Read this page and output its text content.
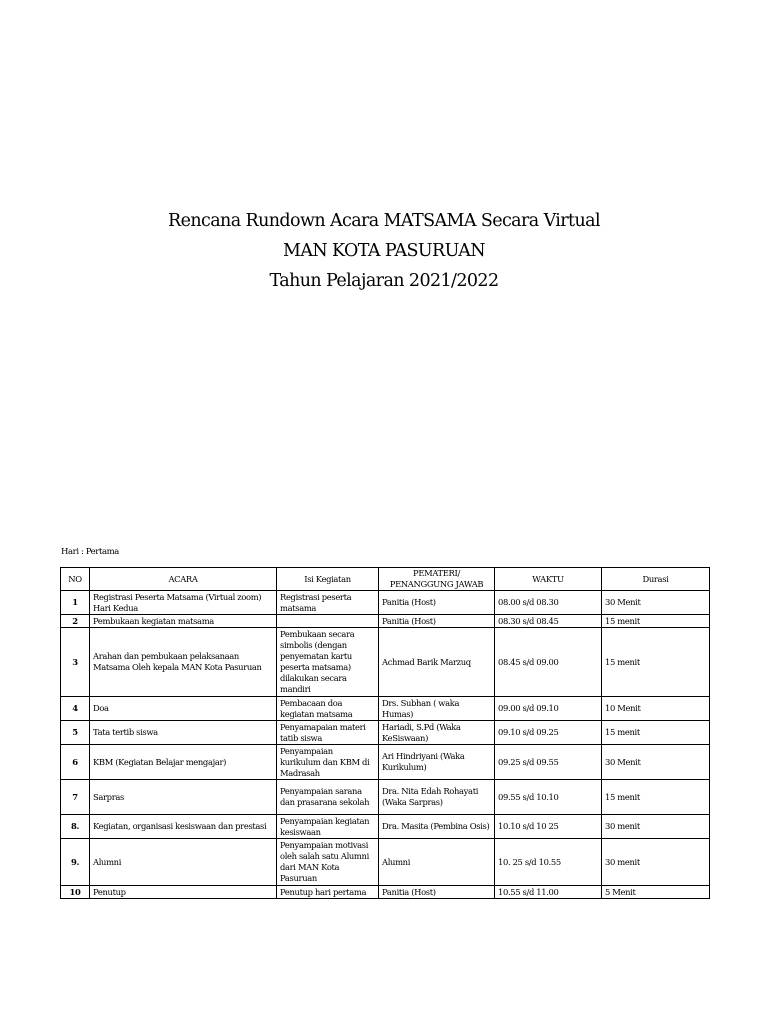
Rencana Rundown Acara MATSAMA Secara Virtual
MAN KOTA PASURUAN
Tahun Pelajaran 2021/2022
Hari : Pertama
NO	ACARA	Isi Kegiatan	PEMATERI/ PENANGGUNG JAWAB	WAKTU	Durasi
1	Registrasi Peserta Matsama (Virtual zoom) Hari Kedua	Registrasi peserta matsama	Panitia (Host)	08.00 s/d 08.30	30 Menit
2	Pembukaan kegiatan matsama		Panitia (Host)	08.30 s/d 08.45	15 menit
3	Arahan dan pembukaan pelaksanaan Matsama Oleh kepala MAN Kota Pasuruan	Pembukaan secara simbolis (dengan penyematan kartu peserta matsama) dilakukan secara mandiri	Achmad Barik Marzuq	08.45 s/d 09.00	15 menit
4	Doa	Pembacaan doa kegiatan matsama	Drs. Subhan ( waka Humas)	09.00 s/d 09.10	10 Menit
5	Tata tertib siswa	Penyamapaian materi tatib siswa	Hariadi, S.Pd (Waka KeSiswaan)	09.10 s/d 09.25	15 menit
6	KBM (Kegiatan Belajar mengajar)	Penyampaian kurikulum dan KBM di Madrasah	Ari Hindriyani (Waka Kurikulum)	09.25 s/d 09.55	30 Menit
7	Sarpras	Penyampaian sarana dan prasarana sekolah	Dra. Nita Edah Rohayati (Waka Sarpras)	09.55 s/d 10.10	15 menit
8.	Kegiatan, organisasi kesiswaan dan prestasi	Penyampaian kegiatan kesiswaan	Dra. Masita (Pembina Osis)	10.10 s/d 10 25	30 menit
9.	Alumni	Penyampaian motivasi oleh salah satu Alumni dari MAN Kota Pasuruan	Alumni	10. 25 s/d 10.55	30 menit
10	Penutup	Penutup hari pertama	Panitia (Host)	10.55 s/d 11.00	5 Menit
